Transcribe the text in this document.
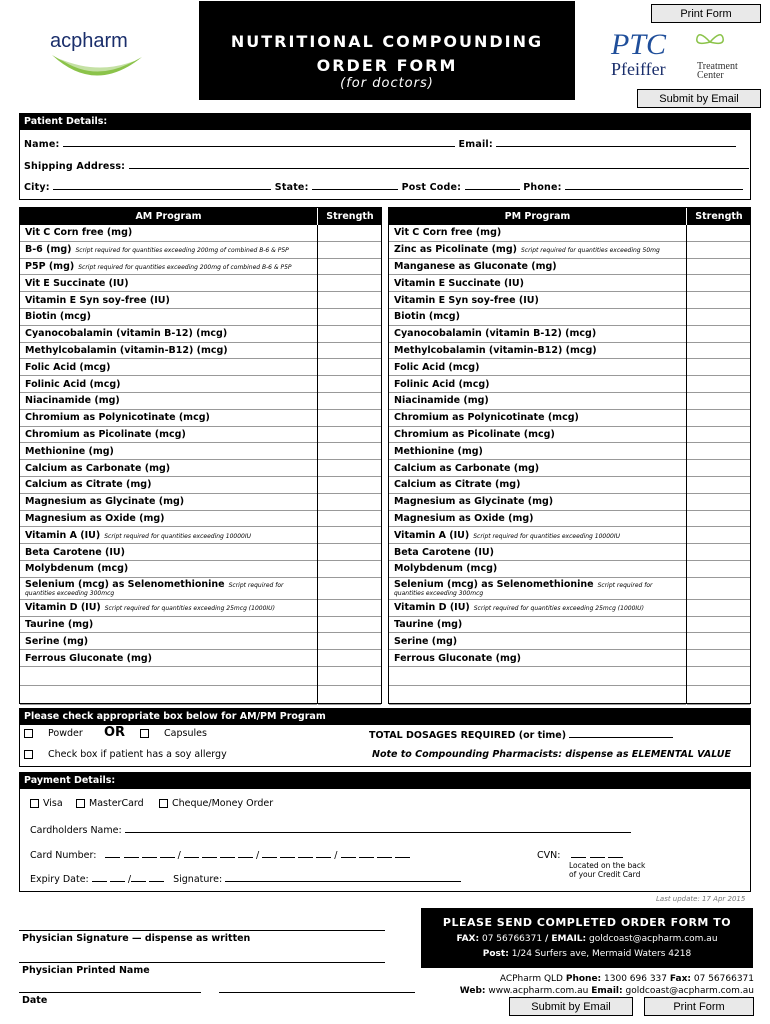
Print Form
Submit by Email
acpharm	NUTRITIONAL COMPOUNDING
ORDER FORM
(for doctors)
PTC
Pfeiffer	Treatment
Center
Patient Details:
Name:	Email:
Shipping Address:
City:	State:	Post Code:	Phone:
AM Program	Strength
Vit C Corn free (mg)
B-6 (mg) Script required for quantities exceeding 200mg of combined B-6 & P5P
P5P (mg) Script required for quantities exceeding 200mg of combined B-6 & P5P
Vit E Succinate (IU)
Vitamin E Syn soy-free (IU)
Biotin (mcg)
Cyanocobalamin (vitamin B-12) (mcg)
Methylcobalamin (vitamin-B12) (mcg)
Folic Acid (mcg)
Folinic Acid (mcg)
Niacinamide (mg)
Chromium as Polynicotinate (mcg)
Chromium as Picolinate (mcg)
Methionine (mg)
Calcium as Carbonate (mg)
Calcium as Citrate (mg)
Magnesium as Glycinate (mg)
Magnesium as Oxide (mg)
Vitamin A (IU) Script required for quantities exceeding 10000IU
Beta Carotene (IU)
Molybdenum (mcg)
Selenium (mcg) as Selenomethionine Script required for
quantities exceeding 300mcg
Vitamin D (IU) Script required for quantities exceeding 25mcg (1000IU)
Taurine (mg)
Serine (mg)
Ferrous Gluconate (mg)
PM Program	Strength
Vit C Corn free (mg)
Zinc as Picolinate (mg) Script required for quantities exceeding 50mg
Manganese as Gluconate (mg)
Vitamin E Succinate (IU)
Vitamin E Syn soy-free (IU)
Biotin (mcg)
Cyanocobalamin (vitamin B-12) (mcg)
Methylcobalamin (vitamin-B12) (mcg)
Folic Acid (mcg)
Folinic Acid (mcg)
Niacinamide (mg)
Chromium as Polynicotinate (mcg)
Chromium as Picolinate (mcg)
Methionine (mg)
Calcium as Carbonate (mg)
Calcium as Citrate (mg)
Magnesium as Glycinate (mg)
Magnesium as Oxide (mg)
Vitamin A (IU) Script required for quantities exceeding 10000IU
Beta Carotene (IU)
Molybdenum (mcg)
Selenium (mcg) as Selenomethionine Script required for
quantities exceeding 300mcg
Vitamin D (IU) Script required for quantities exceeding 25mcg (1000IU)
Taurine (mg)
Serine (mg)
Ferrous Gluconate (mg)
Please check appropriate box below for AM/PM Program
Powder OR	Capsules	TOTAL DOSAGES REQUIRED (or time)
Check box if patient has a soy allergy	Note to Compounding Pharmacists: dispense as ELEMENTAL VALUE
Payment Details:
Visa	MasterCard	Cheque/Money Order
Cardholders Name:
Card Number:	/	/	/	CVN:
Located on the back
of your Credit Card
Expiry Date:	/	Signature:
Last update: 17 Apr 2015
PLEASE SEND COMPLETED ORDER FORM TO
FAX: 07 56766371 / EMAIL: goldcoast@acpharm.com.au
Post: 1/24 Surfers ave, Mermaid Waters 4218
ACPharm QLD Phone: 1300 696 337 Fax: 07 56766371
Web: www.acpharm.com.au Email: goldcoast@acpharm.com.au
Physician Signature — dispense as written
Physician Printed Name
Date	Submit by Email	Print Form
